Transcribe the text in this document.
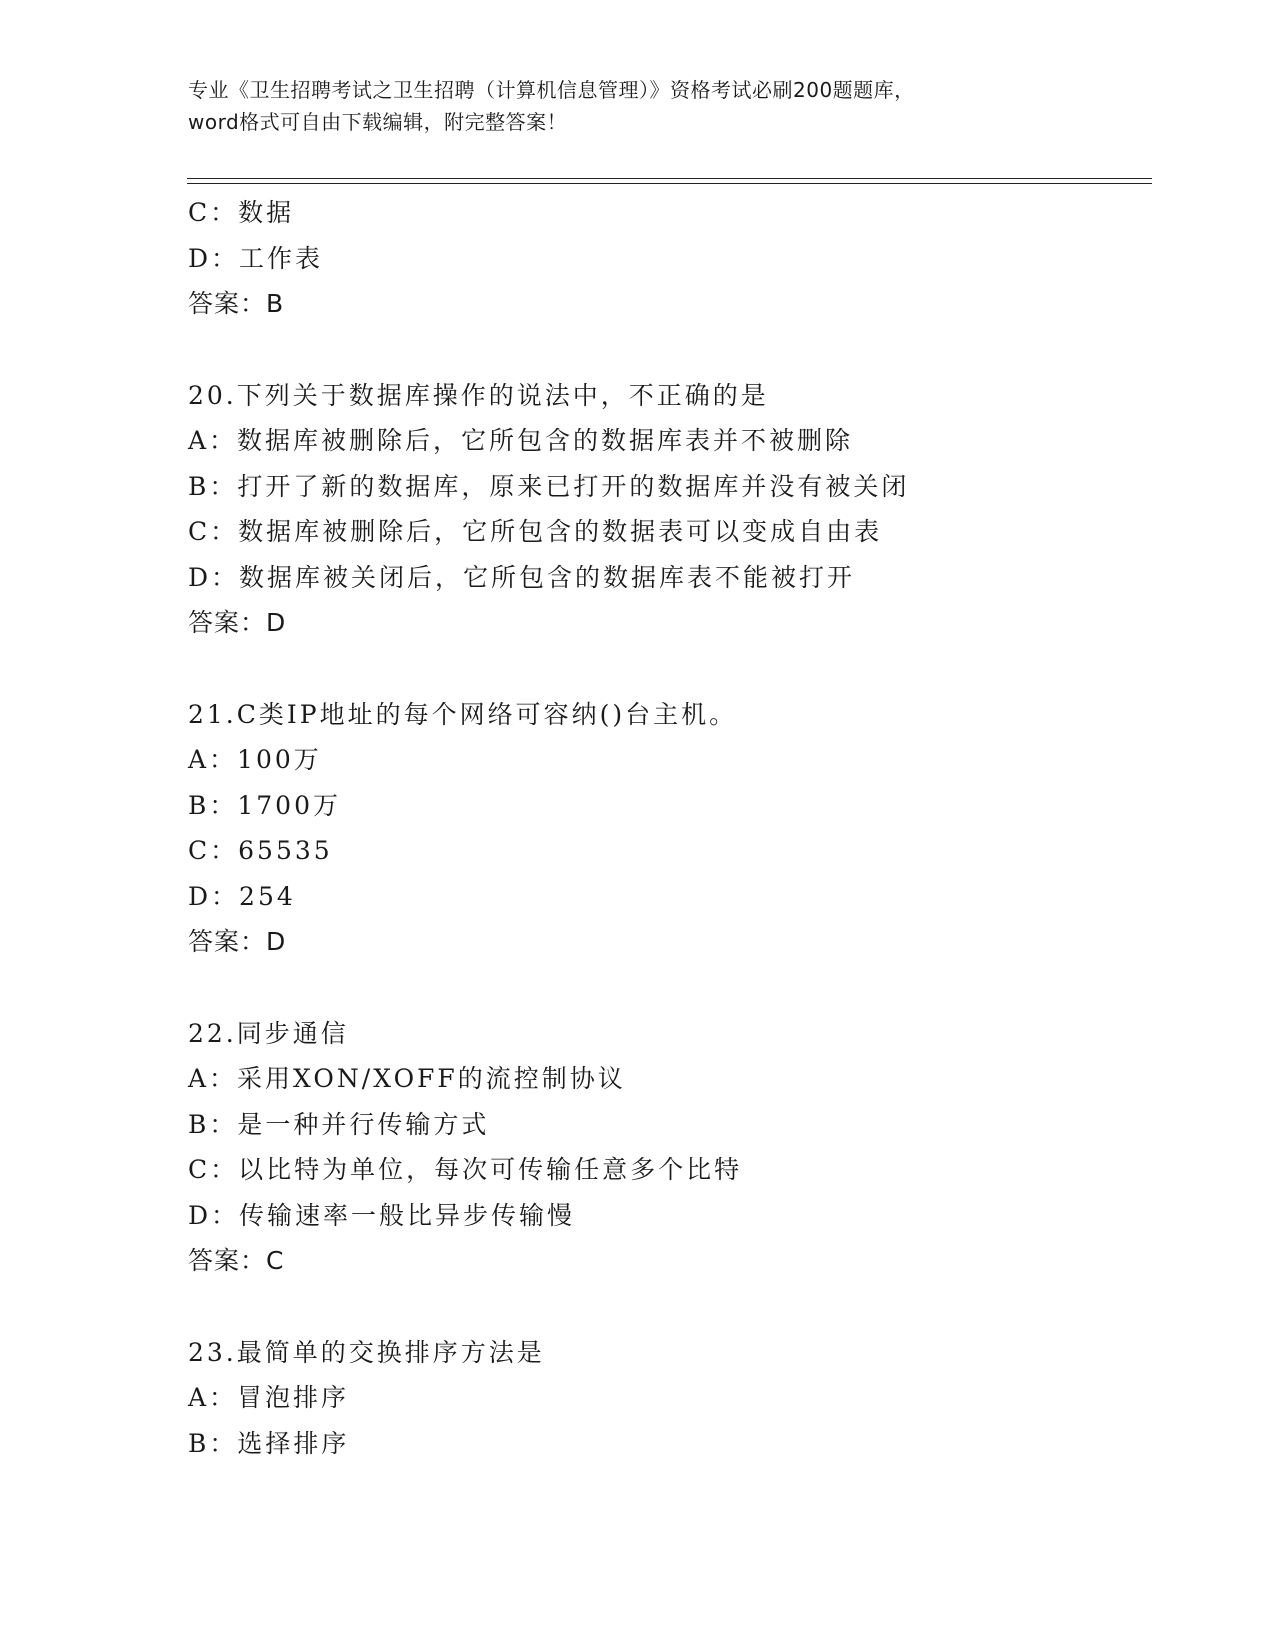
专业《卫生招聘考试之卫生招聘（计算机信息管理）》资格考试必刷200题题库，
word格式可自由下载编辑，附完整答案！
C：数据
D：工作表
答案：B
20.下列关于数据库操作的说法中，不正确的是
A：数据库被删除后，它所包含的数据库表并不被删除
B：打开了新的数据库，原来已打开的数据库并没有被关闭
C：数据库被删除后，它所包含的数据表可以变成自由表
D：数据库被关闭后，它所包含的数据库表不能被打开
答案：D
21.C类IP地址的每个网络可容纳()台主机。
A：100万
B：1700万
C：65535
D：254
答案：D
22.同步通信
A：采用XON/XOFF的流控制协议
B：是一种并行传输方式
C：以比特为单位，每次可传输任意多个比特
D：传输速率一般比异步传输慢
答案：C
23.最简单的交换排序方法是
A：冒泡排序
B：选择排序
